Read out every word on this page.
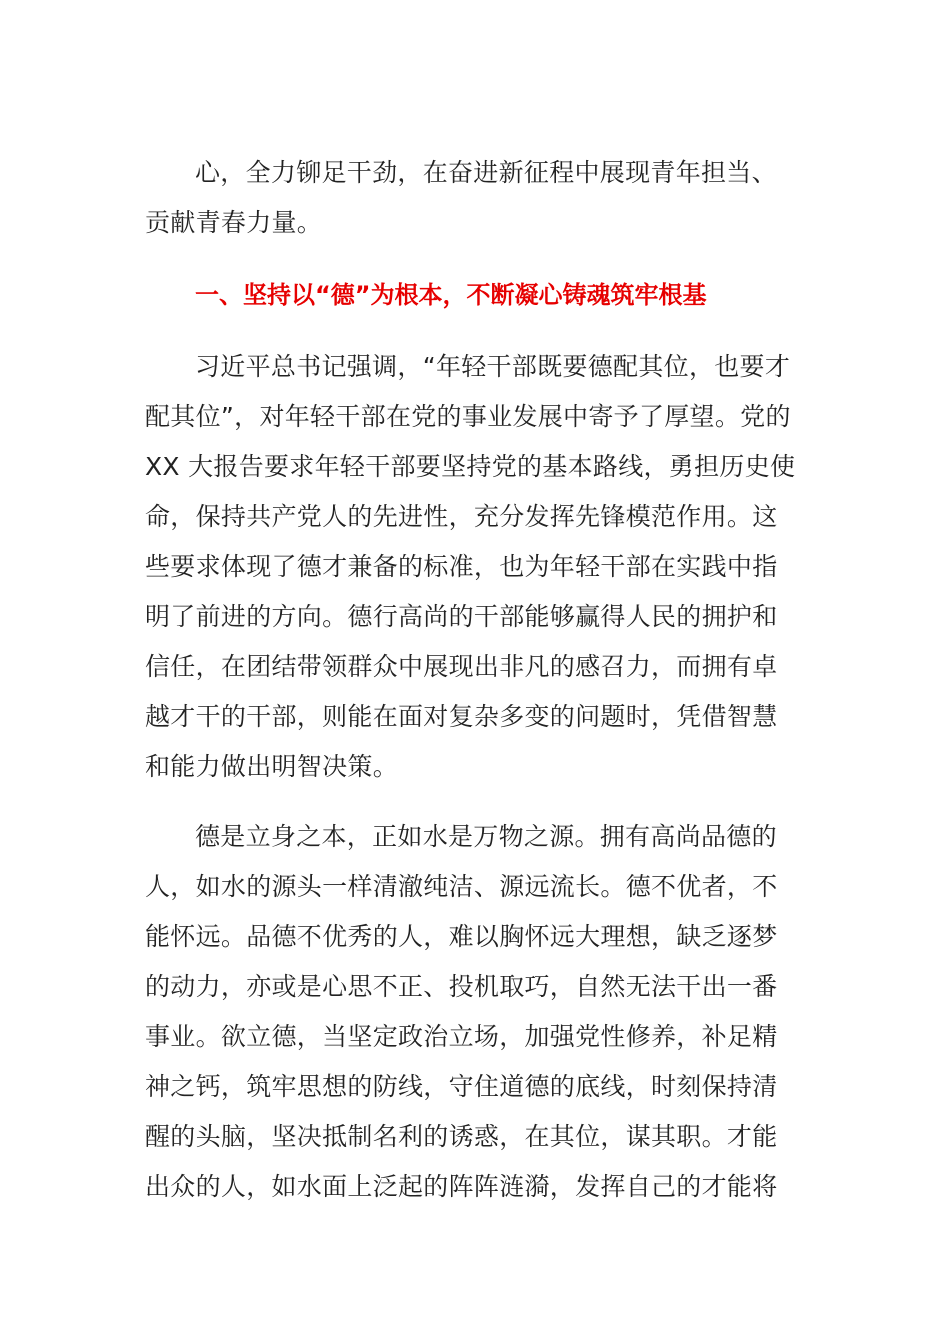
心，全力铆足干劲，在奋进新征程中展现青年担当、
贡献青春力量。
一、坚持以“德”为根本，不断凝心铸魂筑牢根基
习近平总书记强调，“年轻干部既要德配其位，也要才
配其位”，对年轻干部在党的事业发展中寄予了厚望。党的
XX 大报告要求年轻干部要坚持党的基本路线，勇担历史使
命，保持共产党人的先进性，充分发挥先锋模范作用。这
些要求体现了德才兼备的标准，也为年轻干部在实践中指
明了前进的方向。德行高尚的干部能够赢得人民的拥护和
信任，在团结带领群众中展现出非凡的感召力，而拥有卓
越才干的干部，则能在面对复杂多变的问题时，凭借智慧
和能力做出明智决策。
德是立身之本，正如水是万物之源。拥有高尚品德的
人，如水的源头一样清澈纯洁、源远流长。德不优者，不
能怀远。品德不优秀的人，难以胸怀远大理想，缺乏逐梦
的动力，亦或是心思不正、投机取巧，自然无法干出一番
事业。欲立德，当坚定政治立场，加强党性修养，补足精
神之钙，筑牢思想的防线，守住道德的底线，时刻保持清
醒的头脑，坚决抵制名利的诱惑，在其位，谋其职。才能
出众的人，如水面上泛起的阵阵涟漪，发挥自己的才能将
